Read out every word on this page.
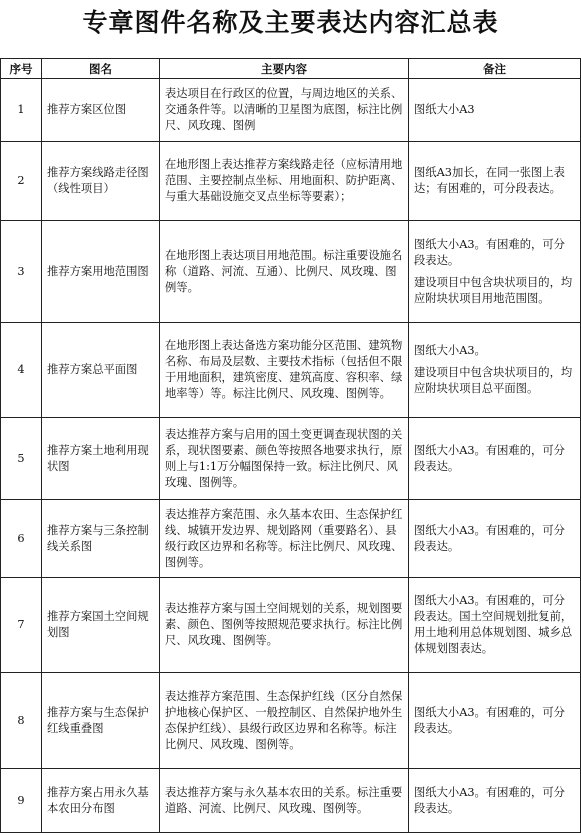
专章图件名称及主要表达内容汇总表
序号	图名	主要内容	备注
1	推荐方案区位图	表达项目在行政区的位置，与周边地区的关系、交通条件等。以清晰的卫星图为底图，标注比例尺、风玫瑰、图例	图纸大小A3

2	推荐方案线路走径图（线性项目）	在地形图上表达推荐方案线路走径（应标清用地范围、主要控制点坐标、用地面积、防护距离、与重大基础设施交叉点坐标等要素）；	图纸A3加长，在同一张图上表达；有困难的，可分段表达。

3	推荐方案用地范围图	在地形图上表达项目用地范围。标注重要设施名称（道路、河流、互通）、比例尺、风玫瑰、图例等。	图纸大小A3。有困难的，可分段表达。
建设项目中包含块状项目的，均应附块状项目用地范围图。

4	推荐方案总平面图	在地形图上表达备选方案功能分区范围、建筑物名称、布局及层数、主要技术指标（包括但不限于用地面积，建筑密度、建筑高度、容积率、绿地率等）等。标注比例尺、风玫瑰、图例等。	图纸大小A3。
建设项目中包含块状项目的，均应附块状项目总平面图。

5	推荐方案土地利用现状图	表达推荐方案与启用的国土变更调查现状图的关系，现状图要素、颜色等按照各地要求执行，原则上与1:1万分幅图保持一致。标注比例尺、风玫瑰、图例等。	图纸大小A3。有困难的，可分段表达。

6	推荐方案与三条控制线关系图	表达推荐方案范围、永久基本农田、生态保护红线、城镇开发边界、规划路网（重要路名）、县级行政区边界和名称等。标注比例尺、风玫瑰、图例等。	图纸大小A3。有困难的，可分段表达。

7	推荐方案国土空间规划图	表达推荐方案与国土空间规划的关系，规划图要素、颜色、图例等按照规范要求执行。标注比例尺、风玫瑰、图例等。	图纸大小A3。有困难的，可分段表达。国土空间规划批复前，用土地利用总体规划图、城乡总体规划图表达。

8	推荐方案与生态保护红线重叠图	表达推荐方案范围、生态保护红线（区分自然保护地核心保护区、一般控制区、自然保护地外生态保护红线）、县级行政区边界和名称等。标注比例尺、风玫瑰、图例等。	图纸大小A3。有困难的，可分段表达。

9	推荐方案占用永久基本农田分布图	表达推荐方案与永久基本农田的关系。标注重要道路、河流、比例尺、风玫瑰、图例等。	图纸大小A3。有困难的，可分段表达。
